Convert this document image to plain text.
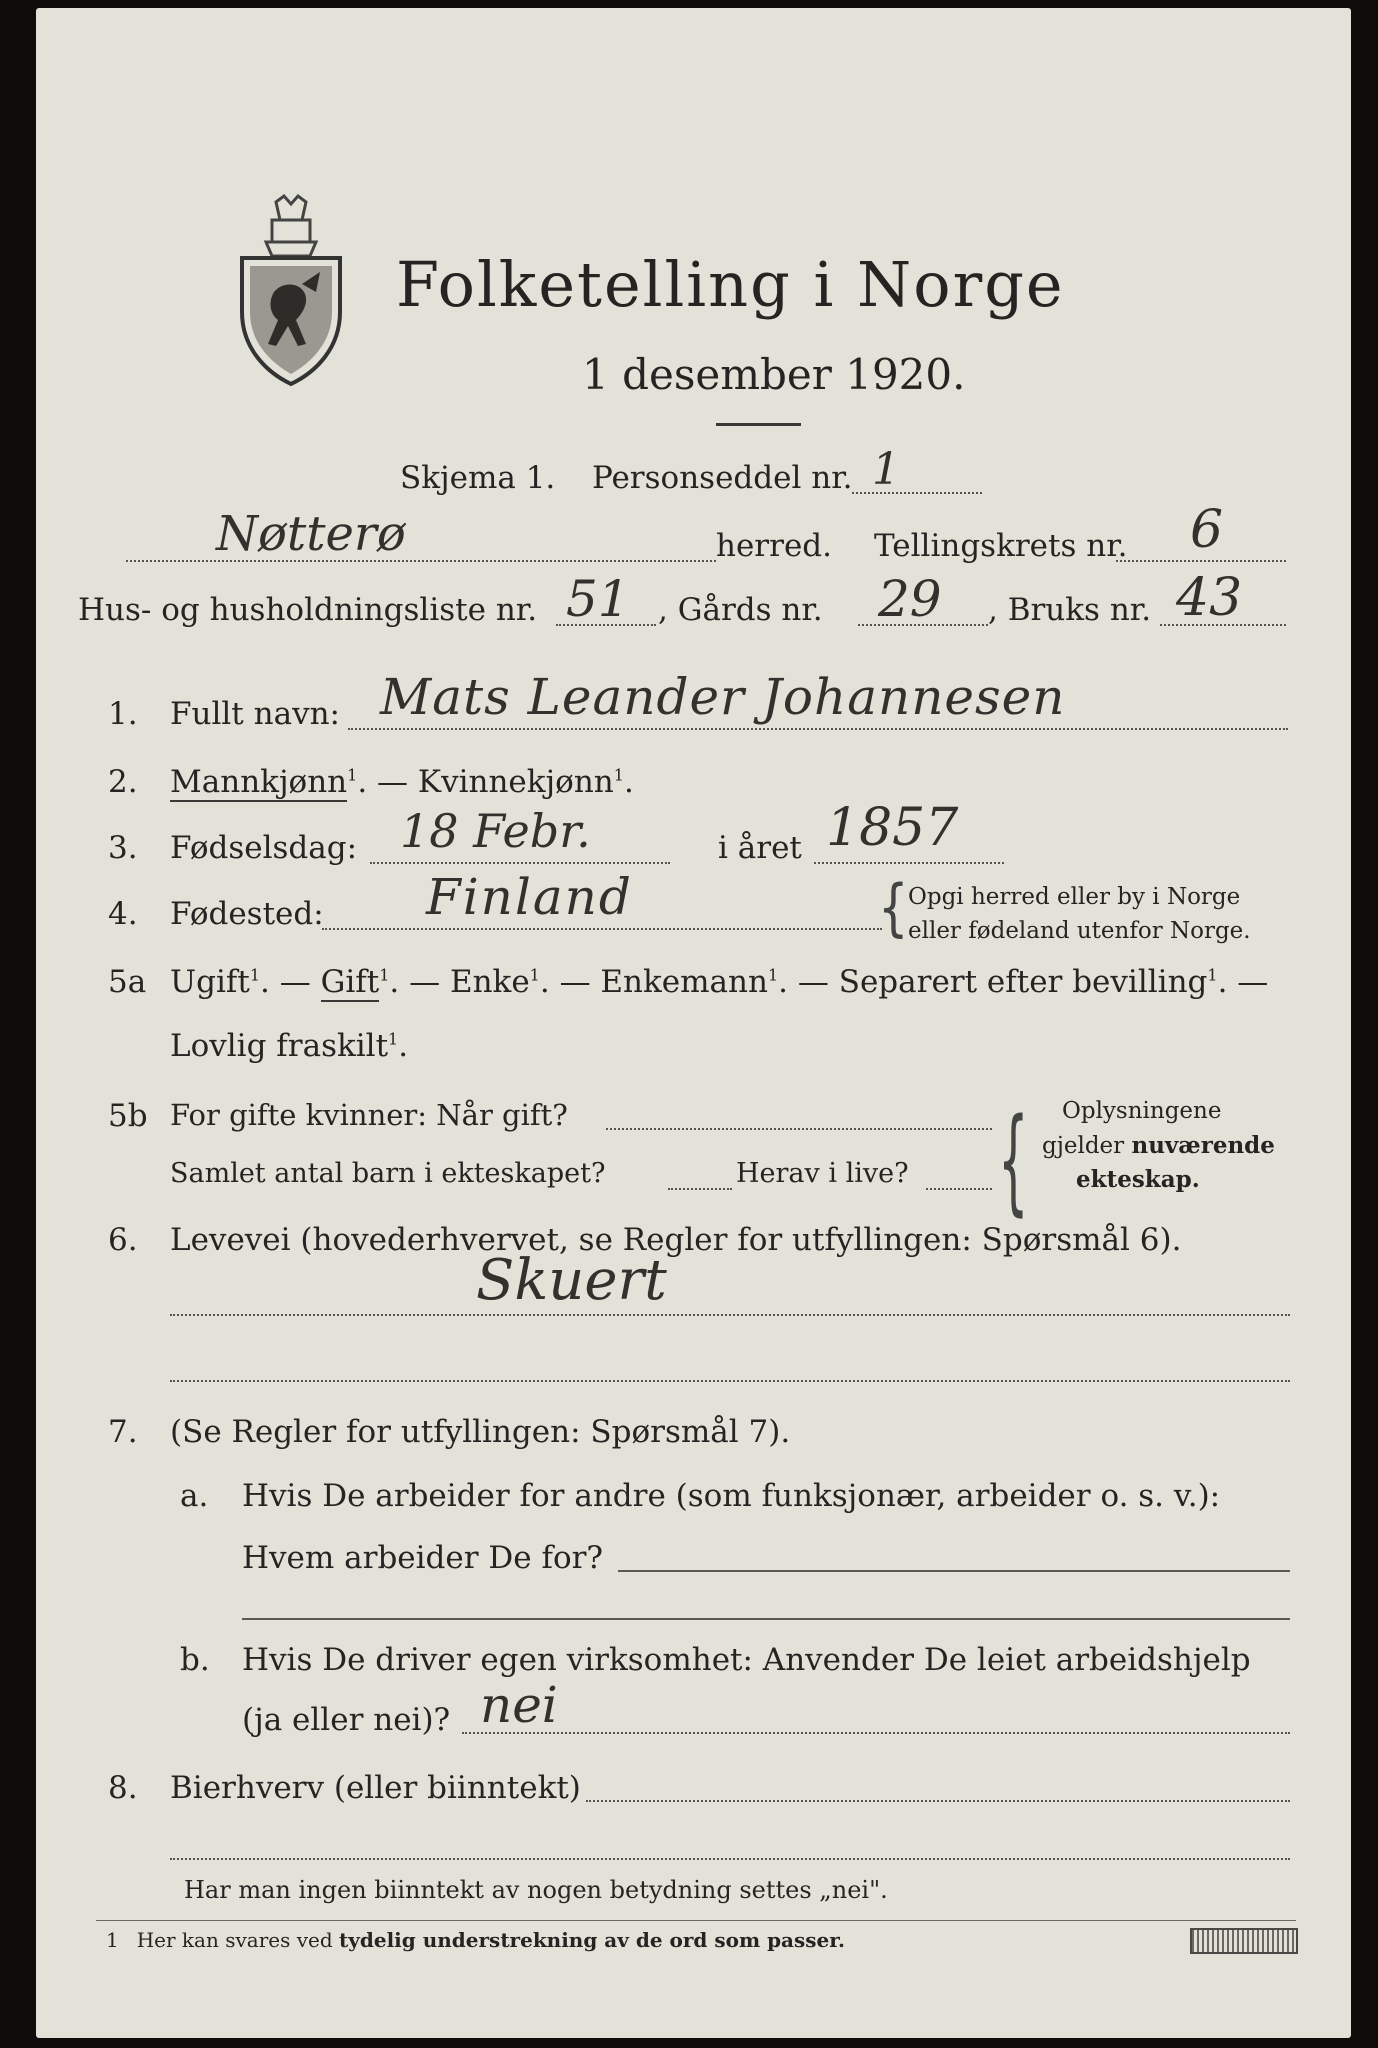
Folketelling i Norge
1 desember 1920.
Skjema 1. Personseddel nr. 1
Nøtterø	herred. Tellingskrets nr. 6
Hus- og husholdningsliste nr. 51 , Gårds nr. 29 , Bruks nr. 43
1. Fullt navn: Mats Leander Johannesen
2. Mannkjønn$^1$. — Kvinnekjønn$^1$.
3. Fødselsdag: 18 Febr.	i året 1857
4. Fødested: Finland	{ Opgi herred eller by i Norge
eller fødeland utenfor Norge.
5a Ugift$^1$. — Gift$^1$. — Enke$^1$. — Enkemann$^1$. — Separert efter bevilling$^1$. —
Lovlig fraskilt$^1$.
5b For gifte kvinner: Når gift?
Samlet antal barn i ekteskapet?	Herav i live? { Oplysningene
gjelder nuværende
ekteskap.
6. Levevei (hovederhvervet, se Regler for utfyllingen: Spørsmål 6).
Skuert
7. (Se Regler for utfyllingen: Spørsmål 7).
a. Hvis De arbeider for andre (som funksjonær, arbeider o. s. v.):
Hvem arbeider De for?
b. Hvis De driver egen virksomhet: Anvender De leiet arbeidshjelp
(ja eller nei)? nei
8. Bierhverv (eller biinntekt)
Har man ingen biinntekt av nogen betydning settes „nei".
1 Her kan svares ved tydelig understrekning av de ord som passer.
